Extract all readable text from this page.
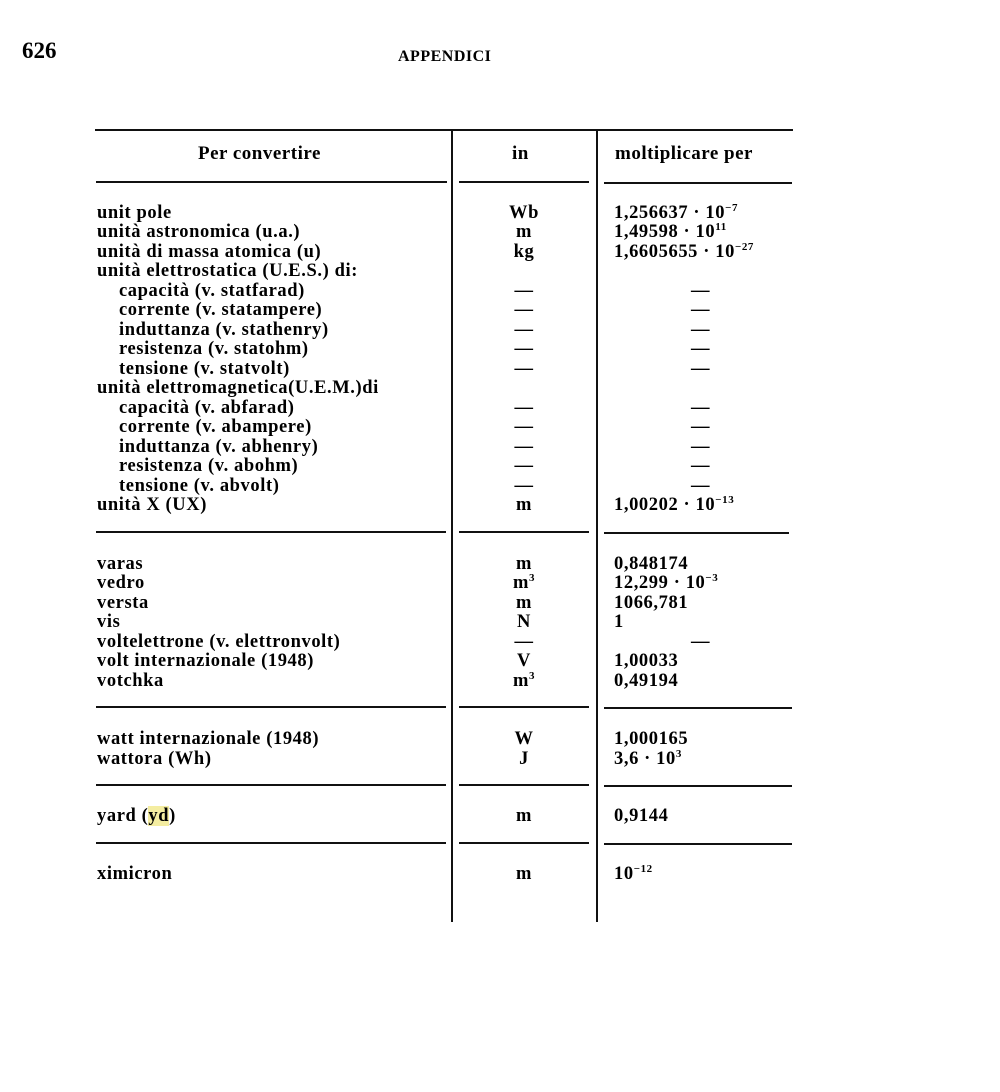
626	APPENDICI
Per convertire	in	moltiplicare per
unit pole	Wb	$1,256637 \cdot 10^{-7}$
unità astronomica (u.a.)	m	$1,49598 \cdot 10^{11}$
unità di massa atomica (u)	kg	$1,6605655 \cdot 10^{-27}$
unità elettrostatica (U.E.S.) di:
capacità (v. statfarad)	—	—
corrente (v. statampere)	—	—
induttanza (v. stathenry)	—	—
resistenza (v. statohm)	—	—
tensione (v. statvolt)	—	—
unità elettromagnetica(U.E.M.)di
capacità (v. abfarad)	—	—
corrente (v. abampere)	—	—
induttanza (v. abhenry)	—	—
resistenza (v. abohm)	—	—
tensione (v. abvolt)	—	—
unità X (UX)	m	$1,00202 \cdot 10^{-13}$
varas	m	0,848174
vedro	$m^3$	$12,299 \cdot 10^{-3}$
versta	m	1066,781
vis	N	1
voltelettrone (v. elettronvolt)	—	—
volt internazionale (1948)	V	1,00033
votchka	$m^3$	0,49194
watt internazionale (1948)	W	1,000165
wattora (Wh)	J	$3,6 \cdot 10^3$
yard (yd)	m	0,9144
ximicron	m	$10^{-12}$
